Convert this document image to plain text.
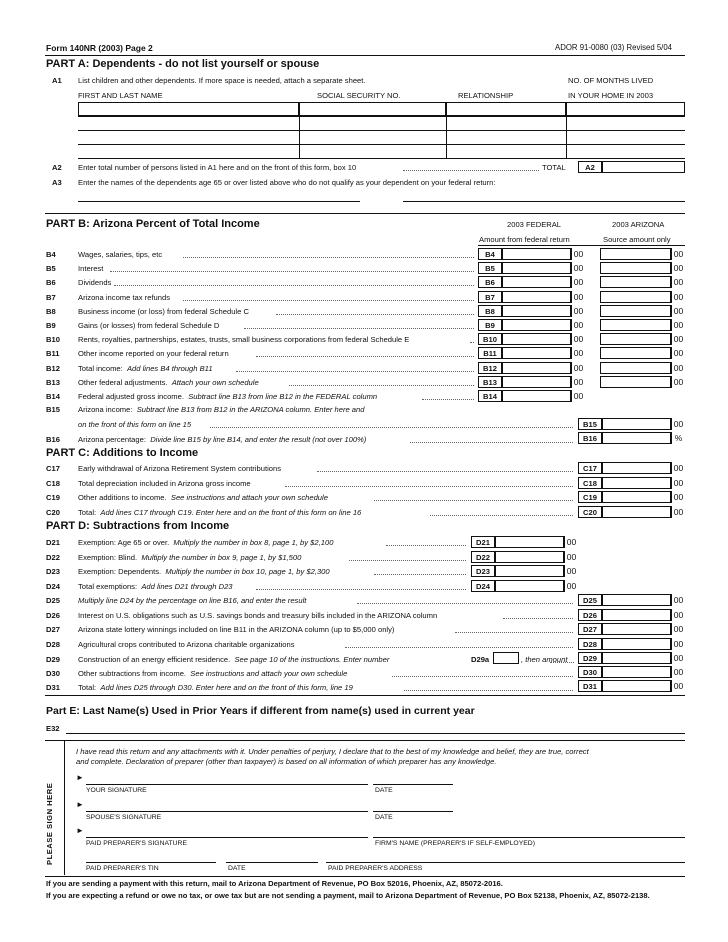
Form 140NR (2003) Page 2	ADOR 91-0080 (03) Revised 5/04
PART A: Dependents - do not list yourself or spouse
A1 List children and other dependents. If more space is needed, attach a separate sheet.	NO. OF MONTHS LIVED
FIRST AND LAST NAME	SOCIAL SECURITY NO.	RELATIONSHIP	IN YOUR HOME IN 2003
A2 Enter total number of persons listed in A1 here and on the front of this form, box 10	TOTAL	A2
A3 Enter the names of the dependents age 65 or over listed above who do not qualify as your dependent on your federal return:
PART B: Arizona Percent of Total Income	2003 FEDERAL	2003 ARIZONA
Amount from federal return	Source amount only
B4	Wages, salaries, tips, etc	B4	00	00
B5	Interest	B5	00	00
B6	Dividends	B6	00	00
B7	Arizona income tax refunds	B7	00	00
B8	Business income (or loss) from federal Schedule C	B8	00	00
B9	Gains (or losses) from federal Schedule D	B9	00	00
B10 Rents, royalties, partnerships, estates, trusts, small business corporations from federal Schedule E	B10	00	00
B11 Other income reported on your federal return	B11	00	00
B12 Total income: Add lines B4 through B11	B12	00	00
B13 Other federal adjustments. Attach your own schedule	B13	00	00
B14 Federal adjusted gross income. Subtract line B13 from line B12 in the FEDERAL column	B14	00
B15 Arizona income: Subtract line B13 from B12 in the ARIZONA column. Enter here and
on the front of this form on line 15	B15	00
B16 Arizona percentage: Divide line B15 by line B14, and enter the result (not over 100%)	B16	%
PART C: Additions to Income
C17 Early withdrawal of Arizona Retirement System contributions	C17	00
C18 Total depreciation included in Arizona gross income	C18	00
C19 Other additions to income. See instructions and attach your own schedule	C19	00
C20 Total: Add lines C17 through C19. Enter here and on the front of this form on line 16	C20	00
PART D: Subtractions from Income
D21 Exemption: Age 65 or over. Multiply the number in box 8, page 1, by $2,100	D21	00
D22 Exemption: Blind. Multiply the number in box 9, page 1, by $1,500	D22	00
D23 Exemption: Dependents. Multiply the number in box 10, page 1, by $2,300	D23	00
D24 Total exemptions: Add lines D21 through D23	D24	00
D25 Multiply line D24 by the percentage on line B16, and enter the result	D25	00
D26 Interest on U.S. obligations such as U.S. savings bonds and treasury bills included in the ARIZONA column	D26	00
D27 Arizona state lottery winnings included on line B11 in the ARIZONA column (up to $5,000 only)	D27	00
D28 Agricultural crops contributed to Arizona charitable organizations	D28	00
D29 Construction of an energy efficient residence. See page 10 of the instructions. Enter number	D29a	, then amount	D29	00
D30 Other subtractions from income. See instructions and attach your own schedule	D30	00
D31 Total: Add lines D25 through D30. Enter here and on the front of this form, line 19	D31	00
Part E: Last Name(s) Used in Prior Years if different from name(s) used in current year
E32
PLEASE SIGN HERE
I have read this return and any attachments with it. Under penalties of perjury, I declare that to the best of my knowledge and belief, they are true, correct
and complete. Declaration of preparer (other than taxpayer) is based on all information of which preparer has any knowledge.
►
YOUR SIGNATURE	DATE
►
SPOUSE'S SIGNATURE	DATE
►
PAID PREPARER'S SIGNATURE	FIRM'S NAME (PREPARER'S IF SELF-EMPLOYED)
PAID PREPARER'S TIN	DATE	PAID PREPARER'S ADDRESS
If you are sending a payment with this return, mail to Arizona Department of Revenue, PO Box 52016, Phoenix, AZ, 85072-2016.
If you are expecting a refund or owe no tax, or owe tax but are not sending a payment, mail to Arizona Department of Revenue, PO Box 52138, Phoenix, AZ, 85072-2138.
